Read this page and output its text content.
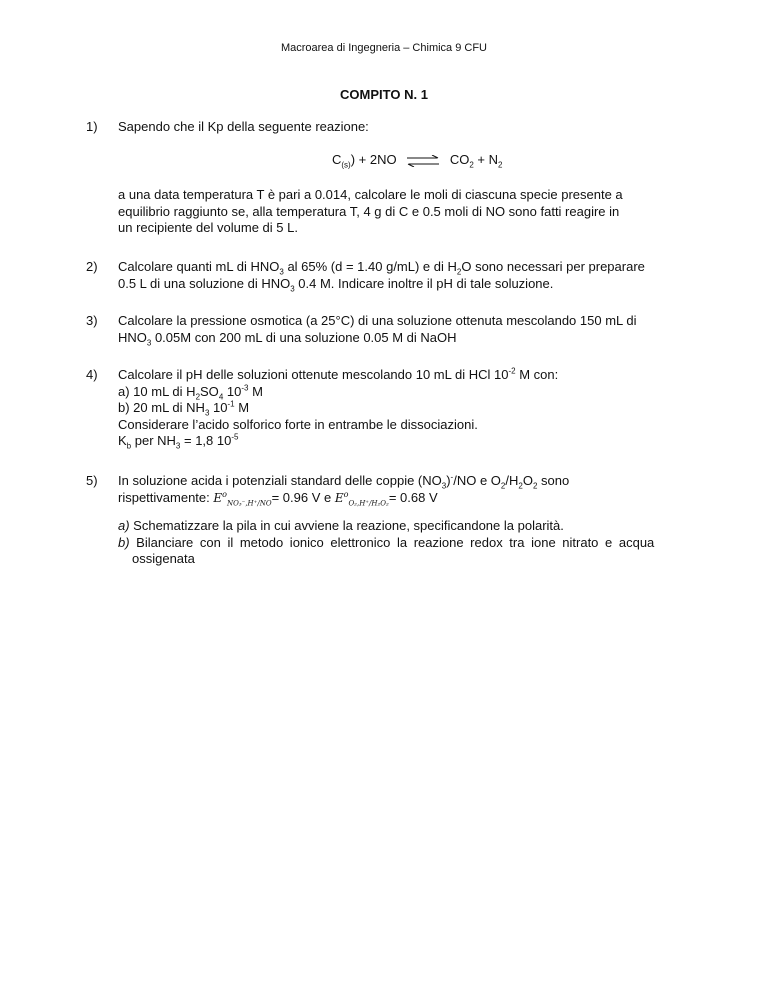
Macroarea di Ingegneria – Chimica 9 CFU
COMPITO N. 1
1) Sapendo che il Kp della seguente reazione:
$C_{(s)}) + 2NO$ ⇌ $CO_2 + N_2$
a una data temperatura T è pari a 0.014, calcolare le moli di ciascuna specie presente a
equilibrio raggiunto se, alla temperatura T, 4 g di C e 0.5 moli di NO sono fatti reagire in
un recipiente del volume di 5 L.
2) Calcolare quanti mL di $HNO_3$ al 65% (d = 1.40 g/mL) e di $H_2O$ sono necessari per preparare
0.5 L di una soluzione di $HNO_3$ 0.4 M. Indicare inoltre il pH di tale soluzione.
3) Calcolare la pressione osmotica (a 25°C) di una soluzione ottenuta mescolando 150 mL di
$HNO_3$ 0.05M con 200 mL di una soluzione 0.05 M di NaOH
4) Calcolare il pH delle soluzioni ottenute mescolando 10 mL di HCl $10^{-2}$ M con:
a) 10 mL di $H_2SO_4$ $10^{-3}$ M
b) 20 mL di $NH_3$ $10^{-1}$ M
Considerare l’acido solforico forte in entrambe le dissociazioni.
$K_b$ per $NH_3 = 1,8$ $10^{-5}$
5) In soluzione acida i potenziali standard delle coppie $(NO_3)^-/NO$ e $O_2/H_2O_2$ sono
rispettivamente: $E^o_{NO_3^-,H^+/NO}= 0.96$ V e $E^o_{O_2,H^+/H_2O_2}= 0.68$ V
a) Schematizzare la pila in cui avviene la reazione, specificandone la polarità.
b) Bilanciare con il metodo ionico elettronico la reazione redox tra ione nitrato e acqua
ossigenata
